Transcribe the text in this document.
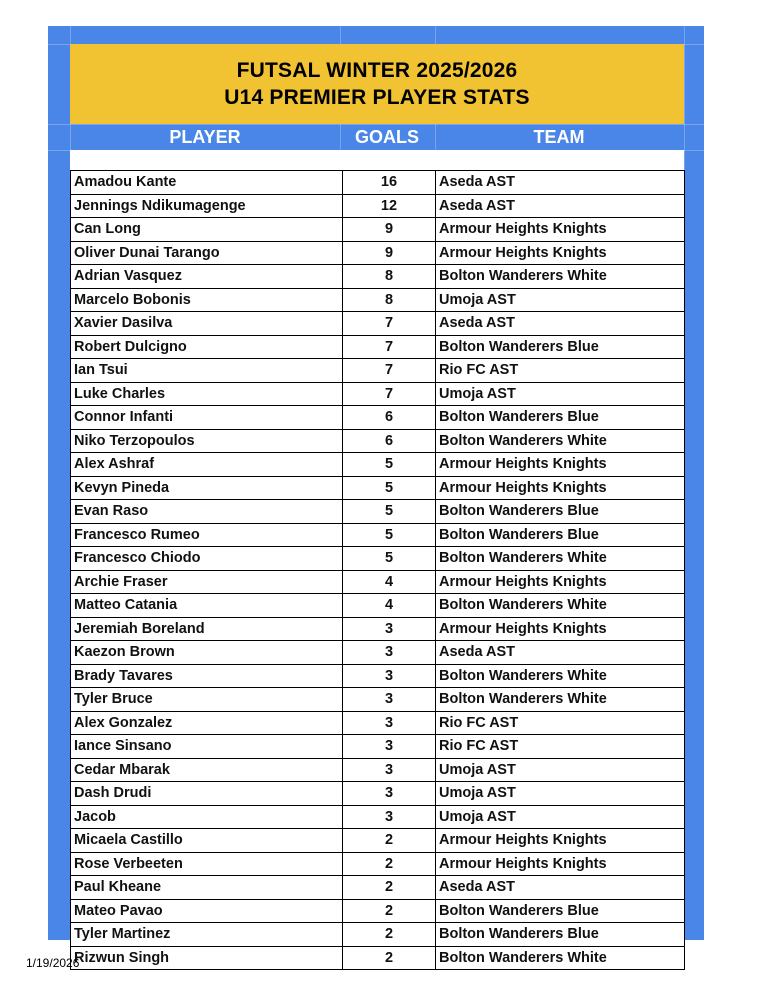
FUTSAL WINTER 2025/2026
U14 PREMIER PLAYER STATS
PLAYER	GOALS	TEAM
Amadou Kante	16	Aseda AST
Jennings Ndikumagenge	12	Aseda AST
Can Long	9	Armour Heights Knights
Oliver Dunai Tarango	9	Armour Heights Knights
Adrian Vasquez	8	Bolton Wanderers White
Marcelo Bobonis	8	Umoja AST
Xavier Dasilva	7	Aseda AST
Robert Dulcigno	7	Bolton Wanderers Blue
Ian Tsui	7	Rio FC AST
Luke Charles	7	Umoja AST
Connor Infanti	6	Bolton Wanderers Blue
Niko Terzopoulos	6	Bolton Wanderers White
Alex Ashraf	5	Armour Heights Knights
Kevyn Pineda	5	Armour Heights Knights
Evan Raso	5	Bolton Wanderers Blue
Francesco Rumeo	5	Bolton Wanderers Blue
Francesco Chiodo	5	Bolton Wanderers White
Archie Fraser	4	Armour Heights Knights
Matteo Catania	4	Bolton Wanderers White
Jeremiah Boreland	3	Armour Heights Knights
Kaezon Brown	3	Aseda AST
Brady Tavares	3	Bolton Wanderers White
Tyler Bruce	3	Bolton Wanderers White
Alex Gonzalez	3	Rio FC AST
Iance Sinsano	3	Rio FC AST
Cedar Mbarak	3	Umoja AST
Dash Drudi	3	Umoja AST
Jacob	3	Umoja AST
Micaela Castillo	2	Armour Heights Knights
Rose Verbeeten	2	Armour Heights Knights
Paul Kheane	2	Aseda AST
Mateo Pavao	2	Bolton Wanderers Blue
Tyler Martinez	2	Bolton Wanderers Blue
Rizwun Singh	2	Bolton Wanderers White
1/19/2026
